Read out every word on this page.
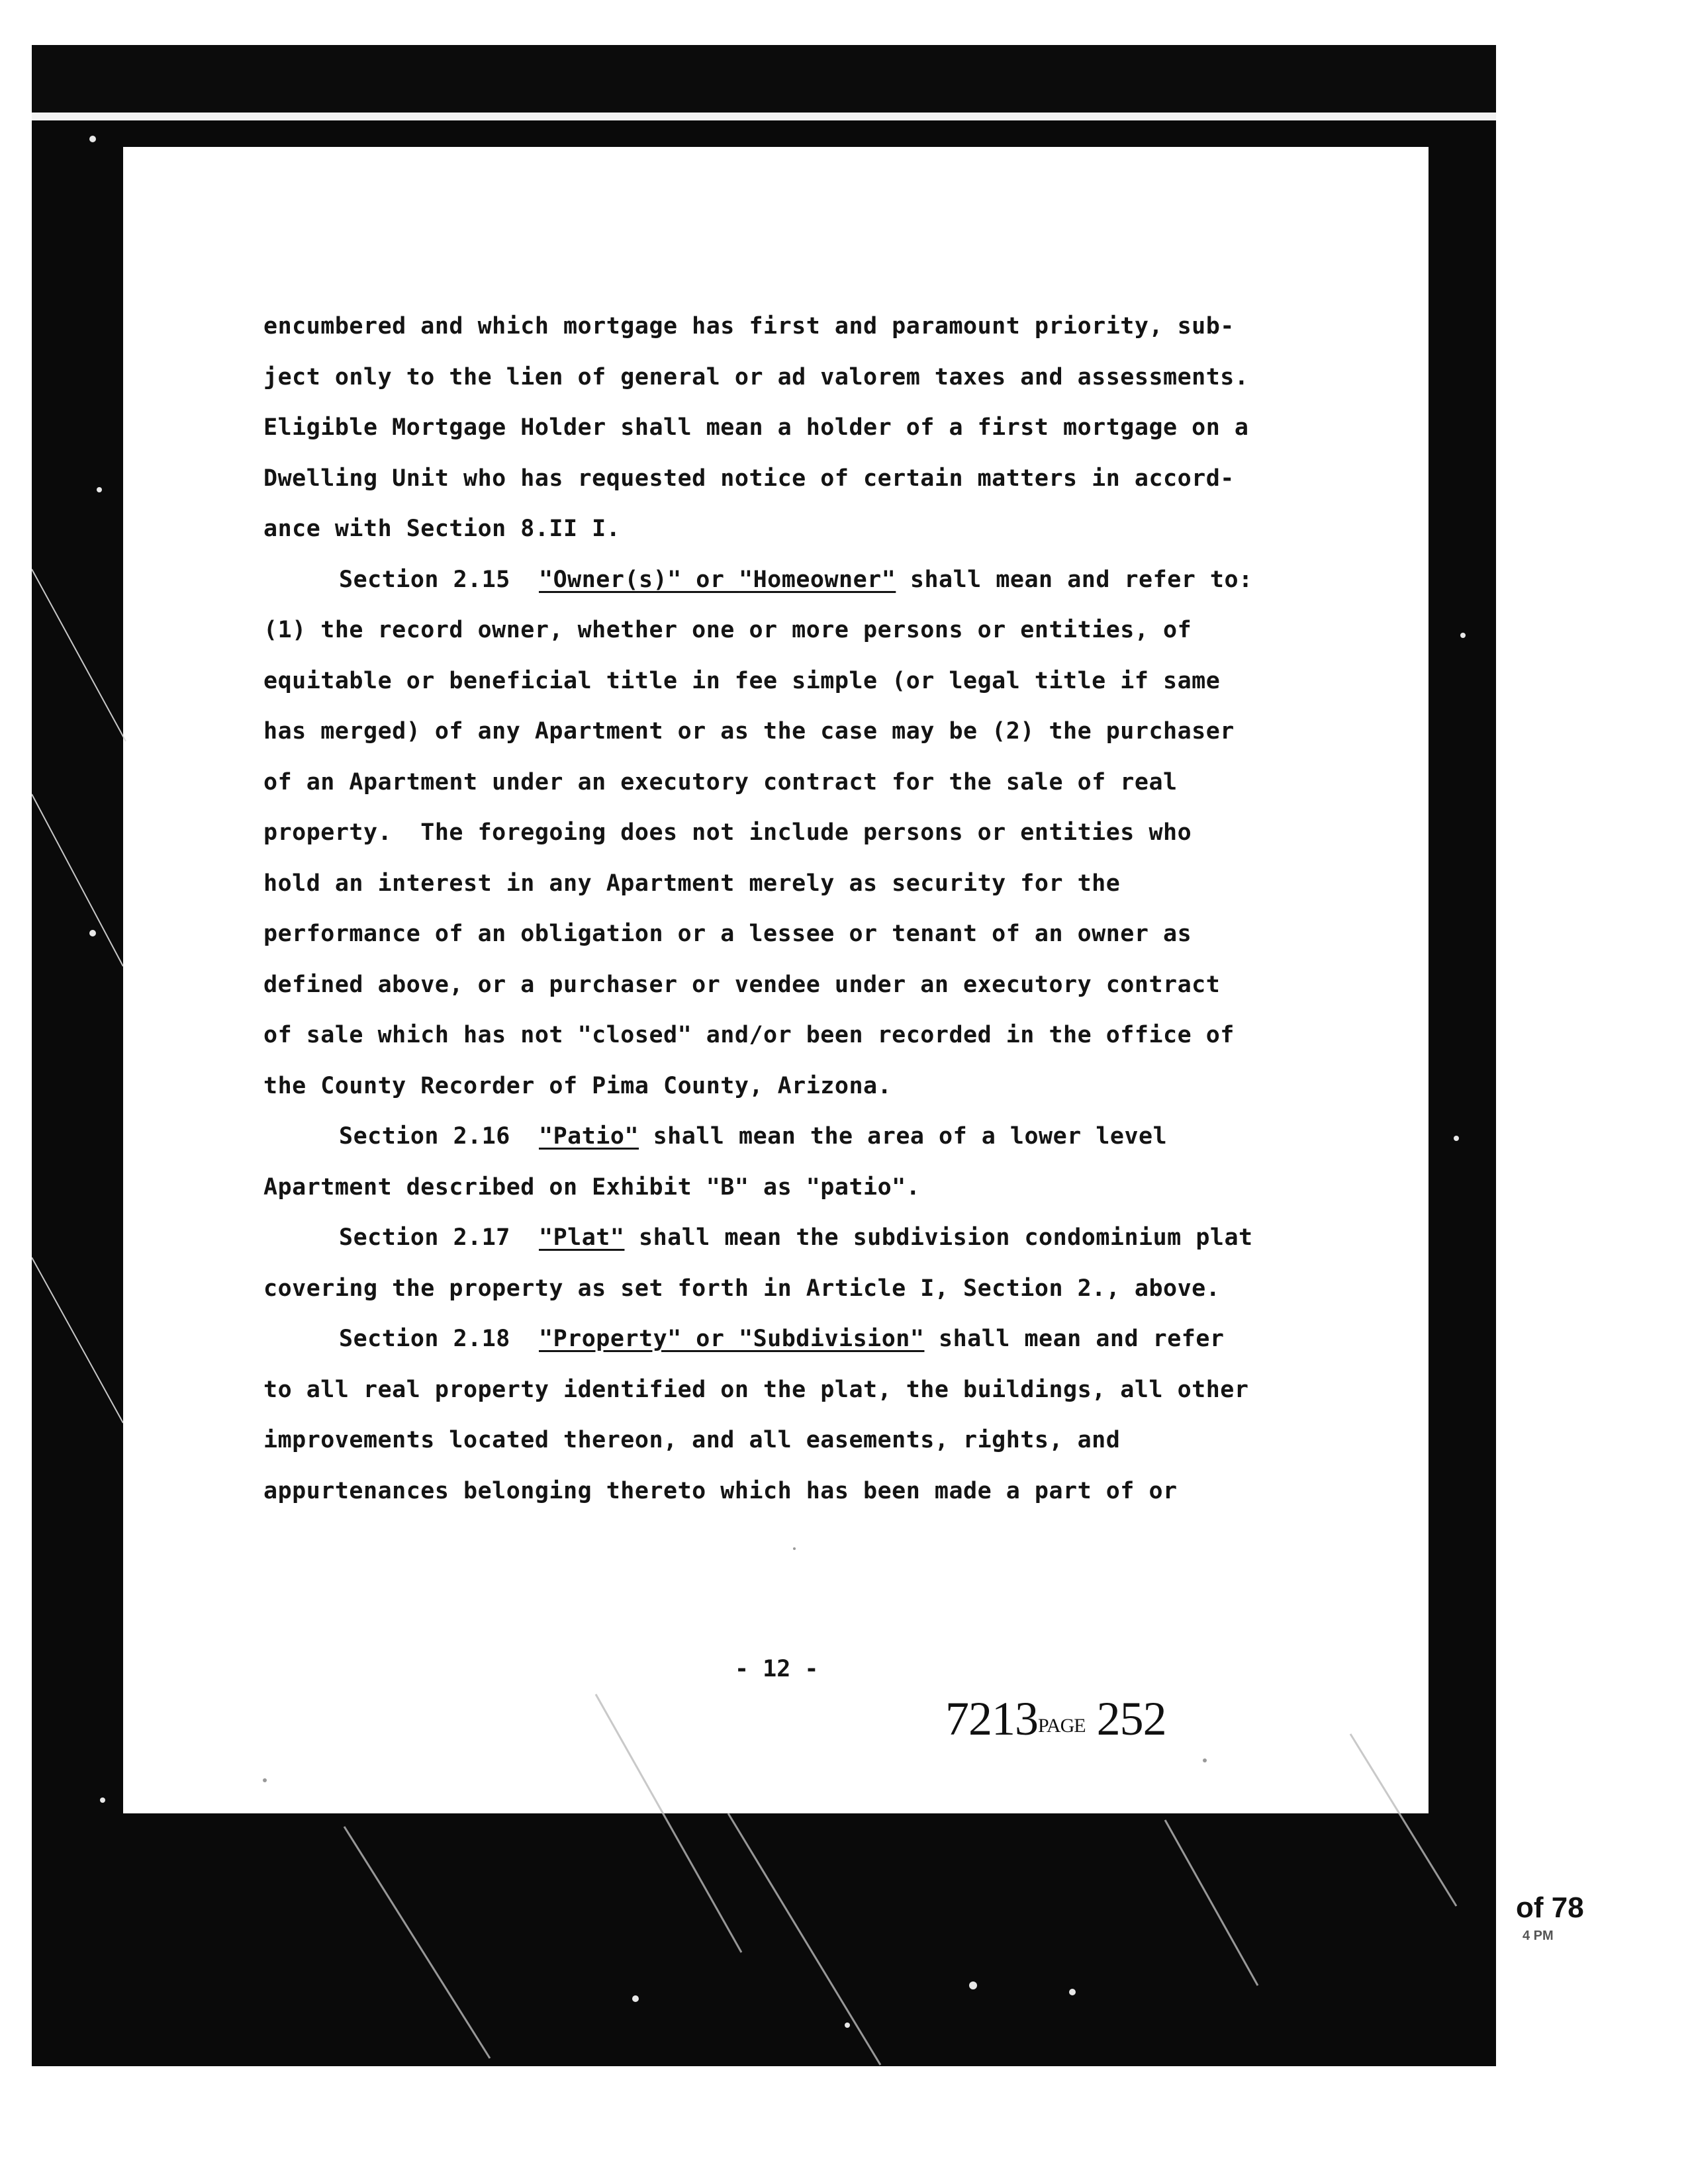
encumbered and which mortgage has first and paramount priority, sub-

ject only to the lien of general or ad valorem taxes and assessments.

Eligible Mortgage Holder shall mean a holder of a first mortgage on a

Dwelling Unit who has requested notice of certain matters in accord-

ance with Section 8.II I.

Section 2.15  "Owner(s)" or "Homeowner" shall mean and refer to:

(1) the record owner, whether one or more persons or entities, of

equitable or beneficial title in fee simple (or legal title if same

has merged) of any Apartment or as the case may be (2) the purchaser

of an Apartment under an executory contract for the sale of real

property.  The foregoing does not include persons or entities who

hold an interest in any Apartment merely as security for the

performance of an obligation or a lessee or tenant of an owner as

defined above, or a purchaser or vendee under an executory contract

of sale which has not "closed" and/or been recorded in the office of

the County Recorder of Pima County, Arizona.

Section 2.16  "Patio" shall mean the area of a lower level

Apartment described on Exhibit "B" as "patio".

Section 2.17  "Plat" shall mean the subdivision condominium plat

covering the property as set forth in Article I, Section 2., above.

Section 2.18  "Property" or "Subdivision" shall mean and refer

to all real property identified on the plat, the buildings, all other

improvements located thereon, and all easements, rights, and

appurtenances belonging thereto which has been made a part of or

- 12 -
7213PAGE 252
of 78
4 PM
